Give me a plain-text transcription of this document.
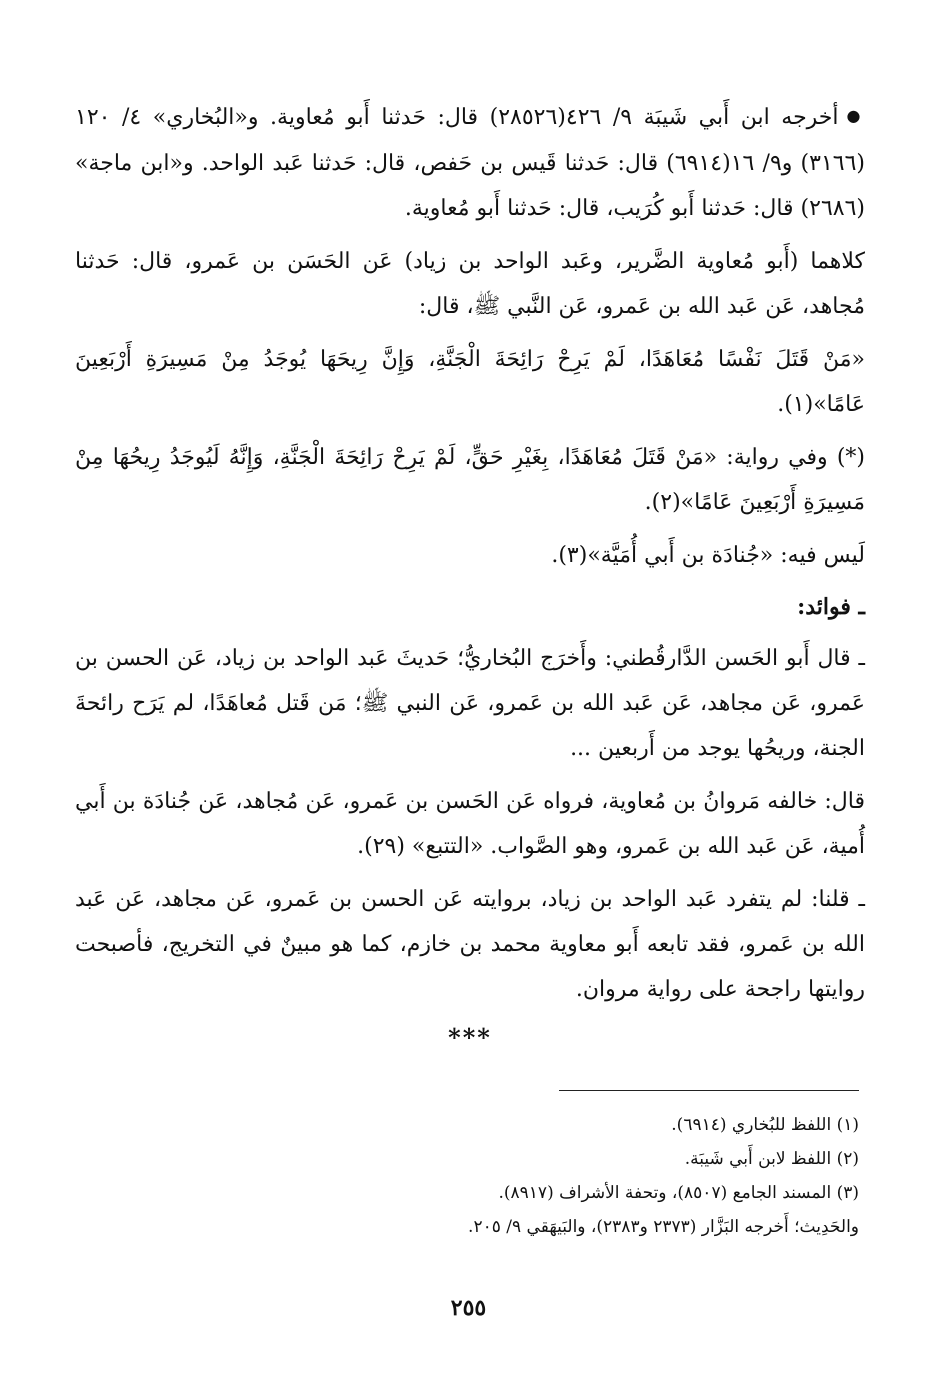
● أخرجه ابن أَبي شَيبَة ٩/ ٤٢٦(٢٨٥٢٦) قال: حَدثنا أَبو مُعاوية. و«البُخاري» ٤/ ١٢٠ (٣١٦٦) و٩/ ١٦(٦٩١٤) قال: حَدثنا قَيس بن حَفص، قال: حَدثنا عَبد الواحد. و«ابن ماجة» (٢٦٨٦) قال: حَدثنا أَبو كُرَيب، قال: حَدثنا أَبو مُعاوية.

كلاهما (أَبو مُعاوية الضَّرير، وعَبد الواحد بن زياد) عَن الحَسَن بن عَمرو، قال: حَدثنا مُجاهد، عَن عَبد الله بن عَمرو، عَن النَّبي ﷺ، قال:

«مَنْ قَتَلَ نَفْسًا مُعَاهَدًا، لَمْ يَرِحْ رَائِحَةَ الْجَنَّةِ، وَإِنَّ رِيحَهَا يُوجَدُ مِنْ مَسِيرَةِ أَرْبَعِينَ عَامًا»(١).

(*) وفي رواية: «مَنْ قَتَلَ مُعَاهَدًا، بِغَيْرِ حَقٍّ، لَمْ يَرِحْ رَائِحَةَ الْجَنَّةِ، وَإِنَّهُ لَيُوجَدُ رِيحُهَا مِنْ مَسِيرَةِ أَرْبَعِينَ عَامًا»(٢).

لَيس فيه: «جُنادَة بن أَبي أُمَيَّة»(٣).

ـ فوائد:

ـ قال أَبو الحَسن الدَّارقُطني: وأَخرَج البُخاريُّ؛ حَديثَ عَبد الواحد بن زياد، عَن الحسن بن عَمرو، عَن مجاهد، عَن عَبد الله بن عَمرو، عَن النبي ﷺ؛ مَن قَتل مُعاهَدًا، لم يَرَح رائحةَ الجنة، وريحُها يوجد من أَربعين ...

قال: خالفه مَروانُ بن مُعاوية، فرواه عَن الحَسن بن عَمرو، عَن مُجاهد، عَن جُنادَة بن أَبي أُمية، عَن عَبد الله بن عَمرو، وهو الصَّواب. «التتبع» (٢٩).

ـ قلنا: لم يتفرد عَبد الواحد بن زياد، بروايته عَن الحسن بن عَمرو، عَن مجاهد، عَن عَبد الله بن عَمرو، فقد تابعه أَبو معاوية محمد بن خازم، كما هو مبينٌ في التخريج، فأصبحت روايتها راجحة على رواية مروان.

***
(١) اللفظ للبُخاري (٦٩١٤).
(٢) اللفظ لابن أَبي شَيبَة.
(٣) المسند الجامع (٨٥٠٧)، وتحفة الأشراف (٨٩١٧).
والحَدِيث؛ أَخرجه البَزَّار (٢٣٧٣ و٢٣٨٣)، والبَيهَقي ٩/ ٢٠٥.
٢٥٥
